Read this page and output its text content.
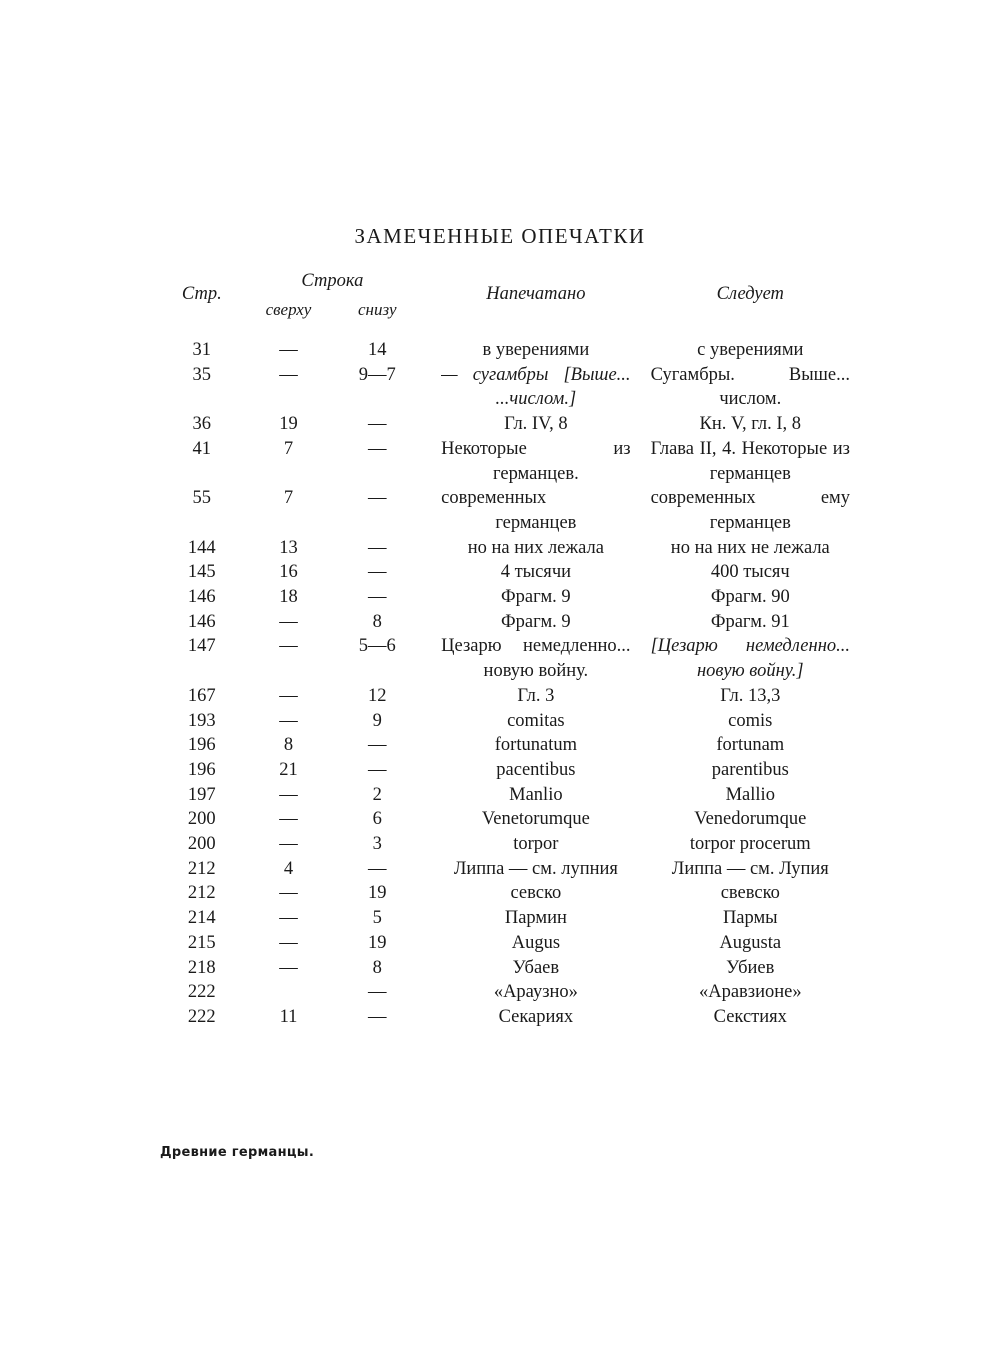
ЗАМЕЧЕННЫЕ ОПЕЧАТКИ
Стр.	Строка		Напечатано	Следует
	сверху	снизу		

31	—	14	в уверениями	с уверениями
35	—	9—7	— сугамбры [Выше... ...числом.]	Сугамбры. Выше... числом.
36	19	—	Гл. IV, 8	Кн. V, гл. I, 8
41	7	—	Некоторые из германцев.	Глава II, 4. Некоторые из германцев
55	7	—	современных германцев	современных ему германцев
144	13	—	но на них лежала	но на них не лежала
145	16	—	4 тысячи	400 тысяч
146	18	—	Фрагм. 9	Фрагм. 90
146	—	8	Фрагм. 9	Фрагм. 91
147	—	5—6	Цезарю немедленно... новую войну.	[Цезарю немедленно... новую войну.]
167	—	12	Гл. 3	Гл. 13,3
193	—	9	comitas	comis
196	8	—	fortunatum	fortunam
196	21	—	pacentibus	parentibus
197	—	2	Manlio	Mallio
200	—	6	Venetorumque	Venedorumque
200	—	3	torpor	torpor procerum
212	4	—	Липпа — см. лупния	Липпа — см. Лупия
212	—	19	севско	свевско
214	—	5	Пармин	Пармы
215	—	19	Augus	Augusta
218	—	8	Убаев	Убиев
222		—	«Араузно»	«Аравзионе»
222	11	—	Секариях	Секстиях
Древние германцы.
